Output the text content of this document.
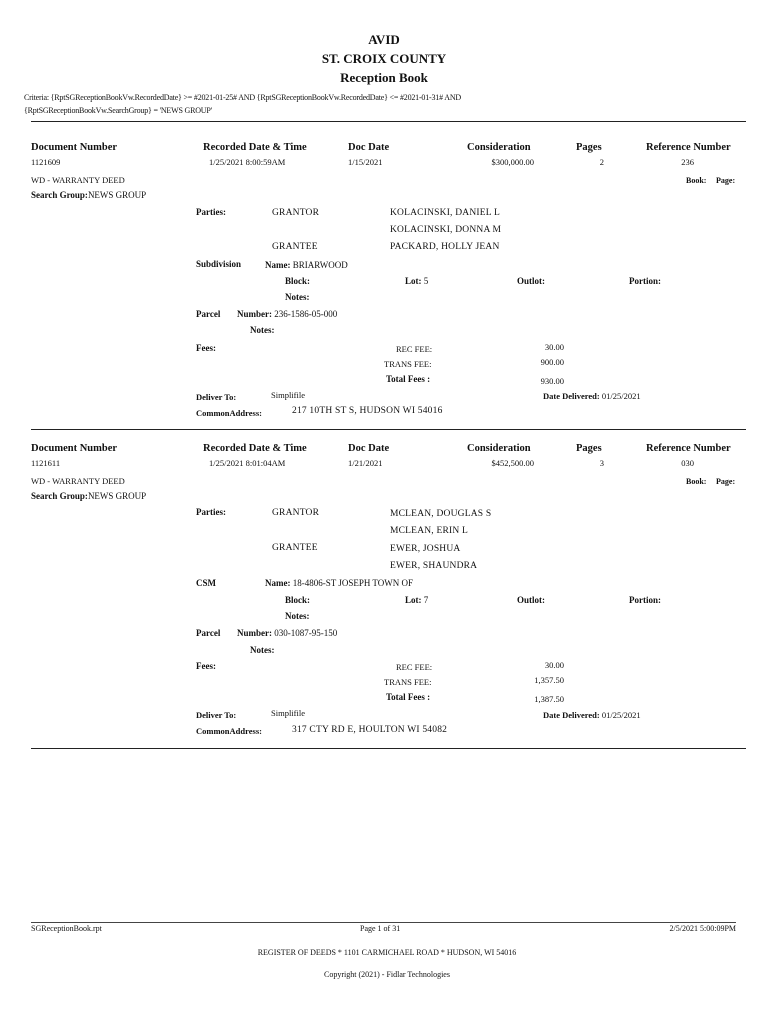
AVID
ST. CROIX COUNTY
Reception Book
Criteria: {RptSGReceptionBookVw.RecordedDate} >= #2021-01-25# AND {RptSGReceptionBookVw.RecordedDate} <= #2021-01-31# AND
{RptSGReceptionBookVw.SearchGroup} = 'NEWS GROUP'
Document Number	Recorded Date & Time	Doc Date	Consideration	Pages	Reference Number
1121609	1/25/2021 8:00:59AM	1/15/2021	$300,000.00	2	236
WD - WARRANTY DEED	Book: Page:
Search Group:NEWS GROUP
Parties:	GRANTOR	KOLACINSKI, DANIEL L
KOLACINSKI, DONNA M
GRANTEE	PACKARD, HOLLY JEAN
Subdivision	Name: BRIARWOOD
Block:	Lot: 5	Outlot:	Portion:
Notes:
Parcel Number: 236-1586-05-000
Notes:
Fees:	REC FEE:	30.00
TRANS FEE:	900.00
Total Fees :	930.00
Deliver To:	Simplifile	Date Delivered: 01/25/2021
CommonAddress:	217 10TH ST S, HUDSON WI 54016
Document Number	Recorded Date & Time	Doc Date	Consideration	Pages	Reference Number
1121611	1/25/2021 8:01:04AM	1/21/2021	$452,500.00	3	030
WD - WARRANTY DEED	Book: Page:
Search Group:NEWS GROUP
Parties:	GRANTOR	MCLEAN, DOUGLAS S
MCLEAN, ERIN L
GRANTEE	EWER, JOSHUA
EWER, SHAUNDRA
CSM	Name: 18-4806-ST JOSEPH TOWN OF
Block:	Lot: 7	Outlot:	Portion:
Notes:
Parcel Number: 030-1087-95-150
Notes:
Fees:	REC FEE:	30.00
TRANS FEE:	1,357.50
Total Fees :	1,387.50
Deliver To:	Simplifile	Date Delivered: 01/25/2021
CommonAddress:	317 CTY RD E, HOULTON WI 54082
SGReceptionBook.rpt	Page 1 of 31	2/5/2021 5:00:09PM
REGISTER OF DEEDS * 1101 CARMICHAEL ROAD * HUDSON, WI 54016
Copyright (2021) - Fidlar Technologies
